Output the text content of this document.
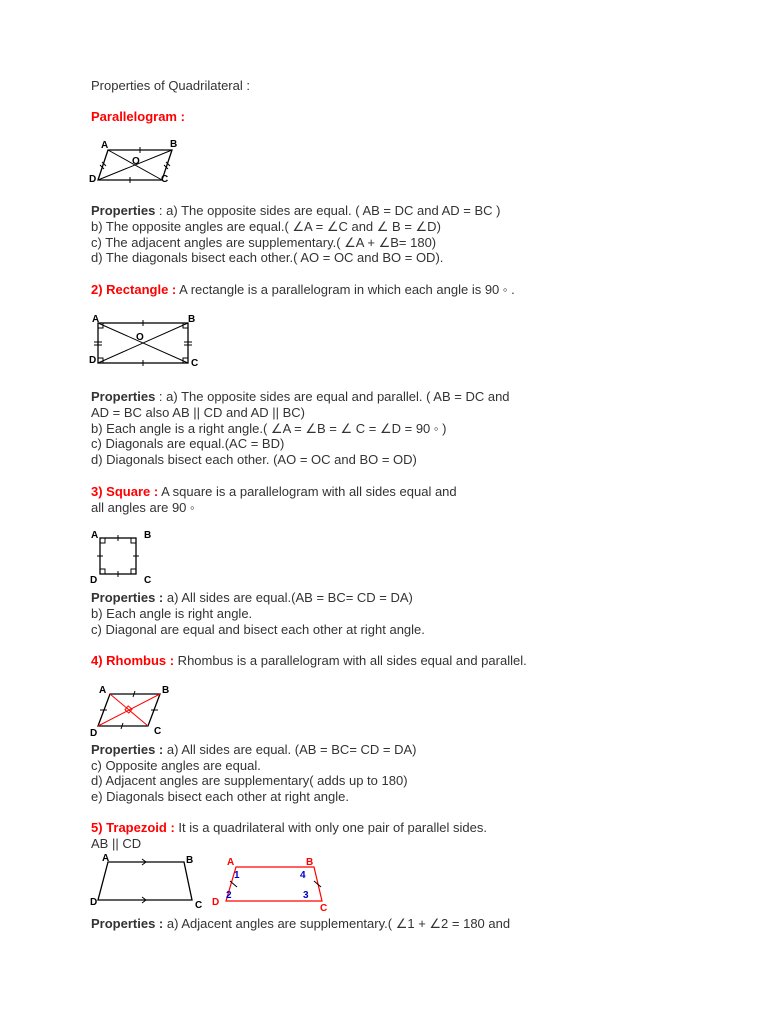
Properties of Quadrilateral :
Parallelogram :
A	B
C
D
O
Properties : a) The opposite sides are equal. ( AB = DC and AD = BC )
b) The opposite angles are equal.( ∠A = ∠C and ∠ B = ∠D)
c) The adjacent angles are supplementary.( ∠A + ∠B= 180)
d) The diagonals bisect each other.( AO = OC and BO = OD).
2) Rectangle : A rectangle is a parallelogram in which each angle is 90 ◦ .
A	B
C
D
O
Properties : a) The opposite sides are equal and parallel. ( AB = DC and
AD = BC also AB || CD and AD || BC)
b) Each angle is a right angle.( ∠A = ∠B = ∠ C = ∠D = 90 ◦ )
c) Diagonals are equal.(AC = BD)
d) Diagonals bisect each other. (AO = OC and BO = OD)
3) Square : A square is a parallelogram with all sides equal and
all angles are 90 ◦
A	B
C
D
Properties : a) All sides are equal.(AB = BC= CD = DA)
b) Each angle is right angle.
c) Diagonal are equal and bisect each other at right angle.
4) Rhombus : Rhombus is a parallelogram with all sides equal and parallel.
A	B
C
D
Properties : a) All sides are equal. (AB = BC= CD = DA)
c) Opposite angles are equal.
d) Adjacent angles are supplementary( adds up to 180)
e) Diagonals bisect each other at right angle.
5) Trapezoid : It is a quadrilateral with only one pair of parallel sides.
AB || CD
A	B
C
D
A	B
C
D
1
2	3
4
Properties : a) Adjacent angles are supplementary.( ∠1 + ∠2 = 180 and
